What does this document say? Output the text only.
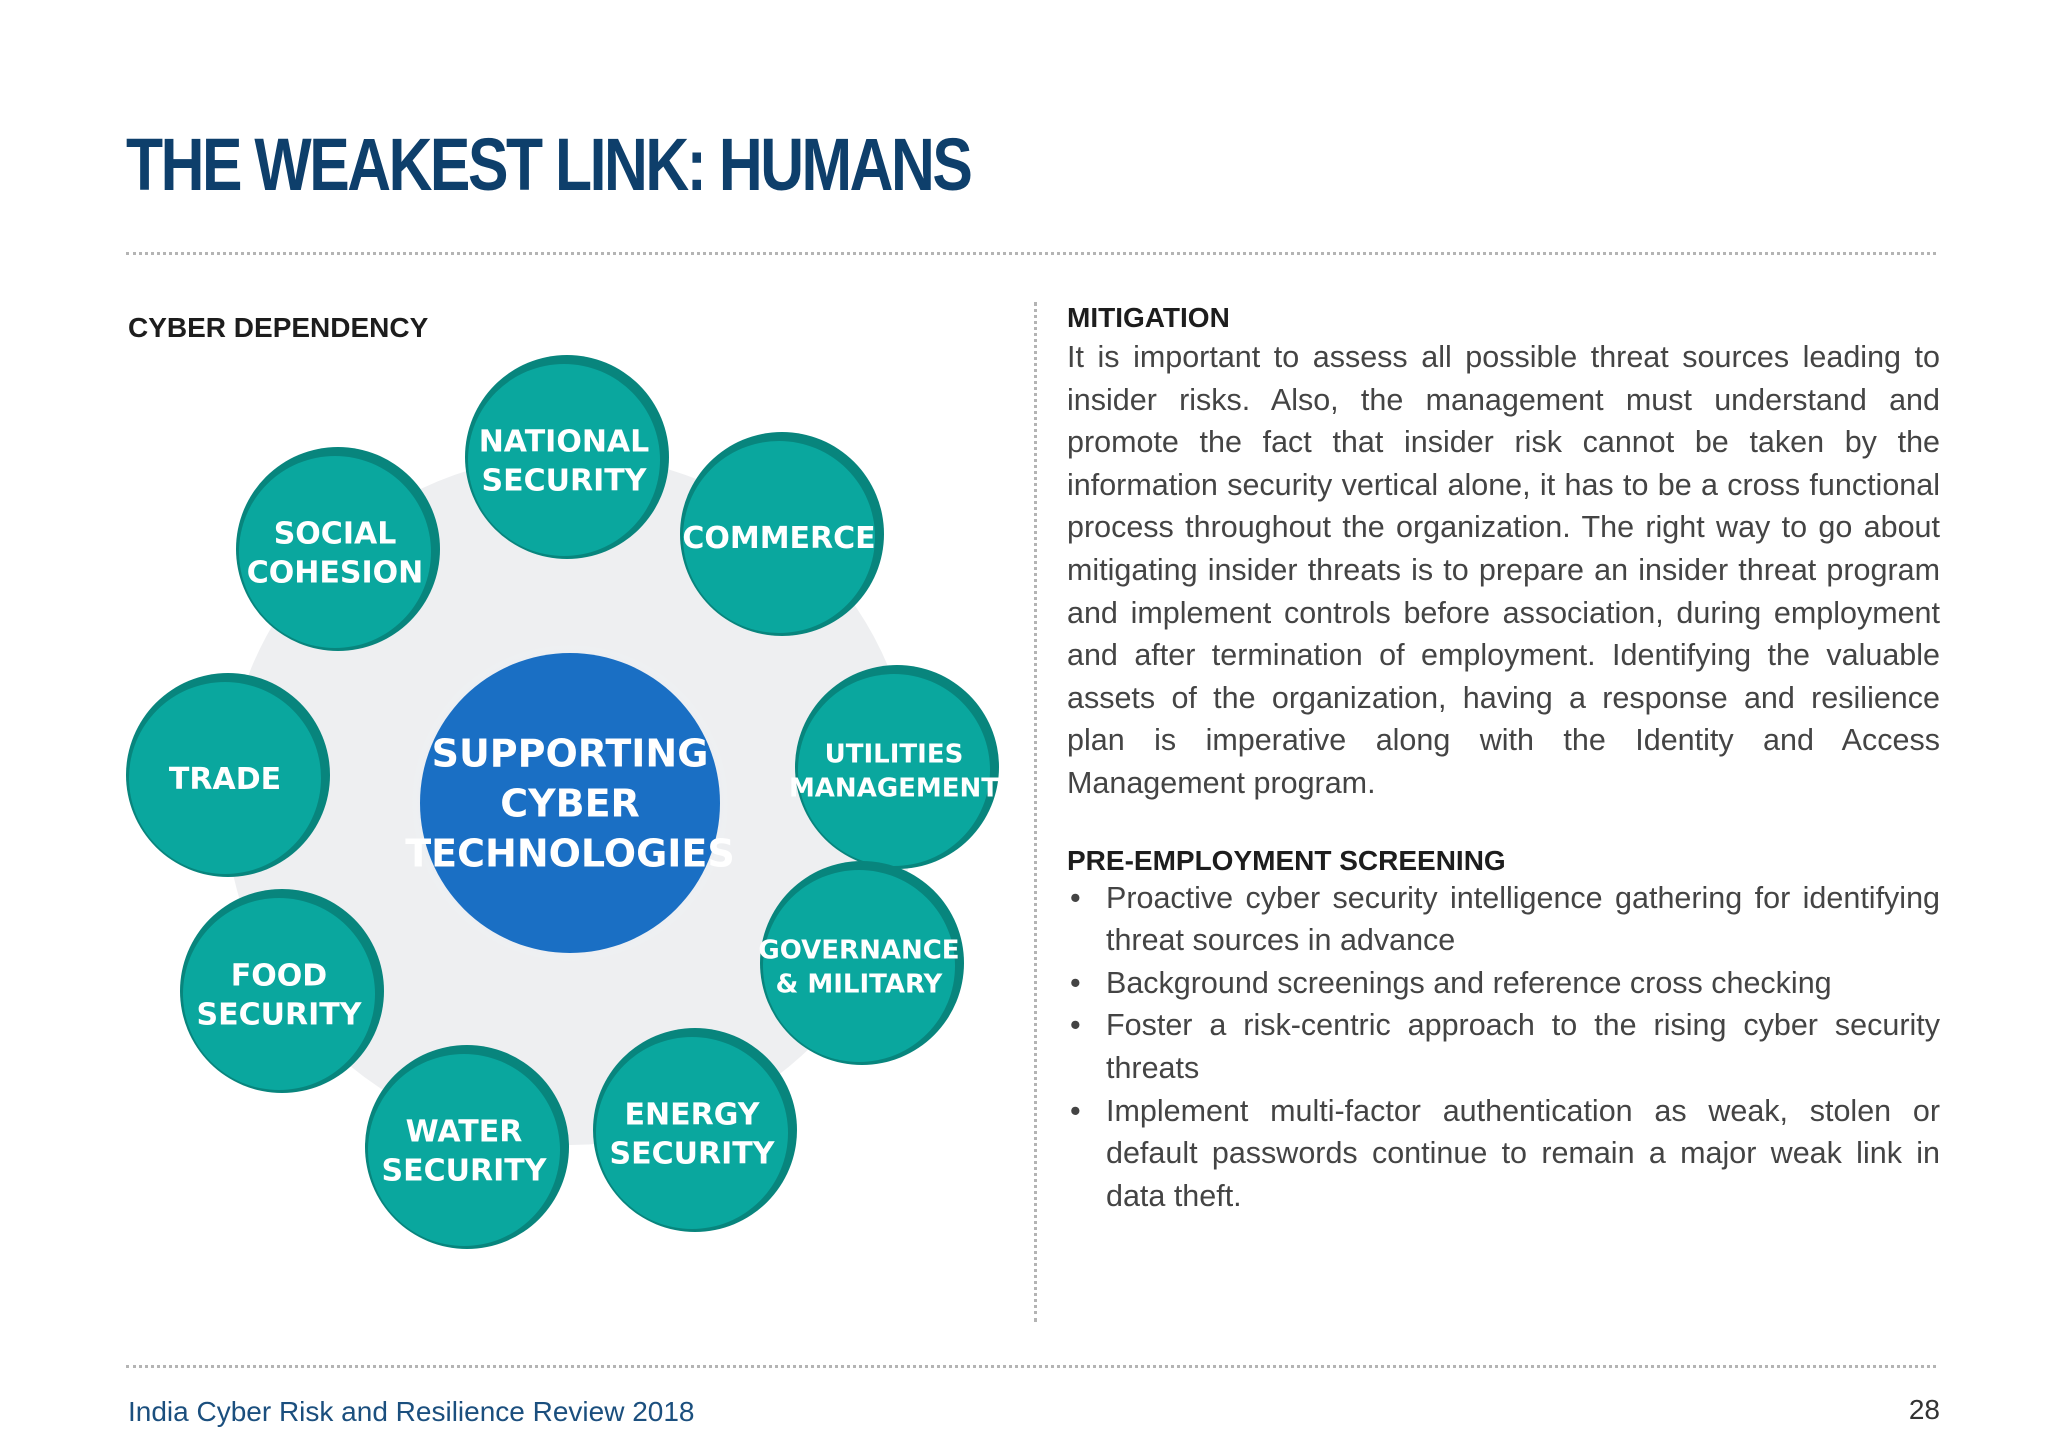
THE WEAKEST LINK: HUMANS
CYBER DEPENDENCY
NATIONAL SECURITY
COMMERCE
UTILITIES MANAGEMENT
GOVERNANCE & MILITARY
ENERGY SECURITY
WATER SECURITY
FOOD SECURITY
TRADE
SOCIAL COHESION
SUPPORTING CYBER TECHNOLOGIES
MITIGATION

It is important to assess all possible threat sources leading to insider risks. Also, the management must understand and promote the fact that insider risk cannot be taken by the information security vertical alone, it has to be a cross functional process throughout the organization. The right way to go about mitigating insider threats is to prepare an insider threat program and implement controls before association, during employment and after termination of employment. Identifying the valuable assets of the organization, having a response and resilience plan is imperative along with the Identity and Access Management program.

PRE-EMPLOYMENT SCREENING
• Proactive cyber security intelligence gathering for identifying threat sources in advance
• Background screenings and reference cross checking
• Foster a risk-centric approach to the rising cyber security threats
• Implement multi-factor authentication as weak, stolen or default passwords continue to remain a major weak link in data theft.
India Cyber Risk and Resilience Review 2018	28
